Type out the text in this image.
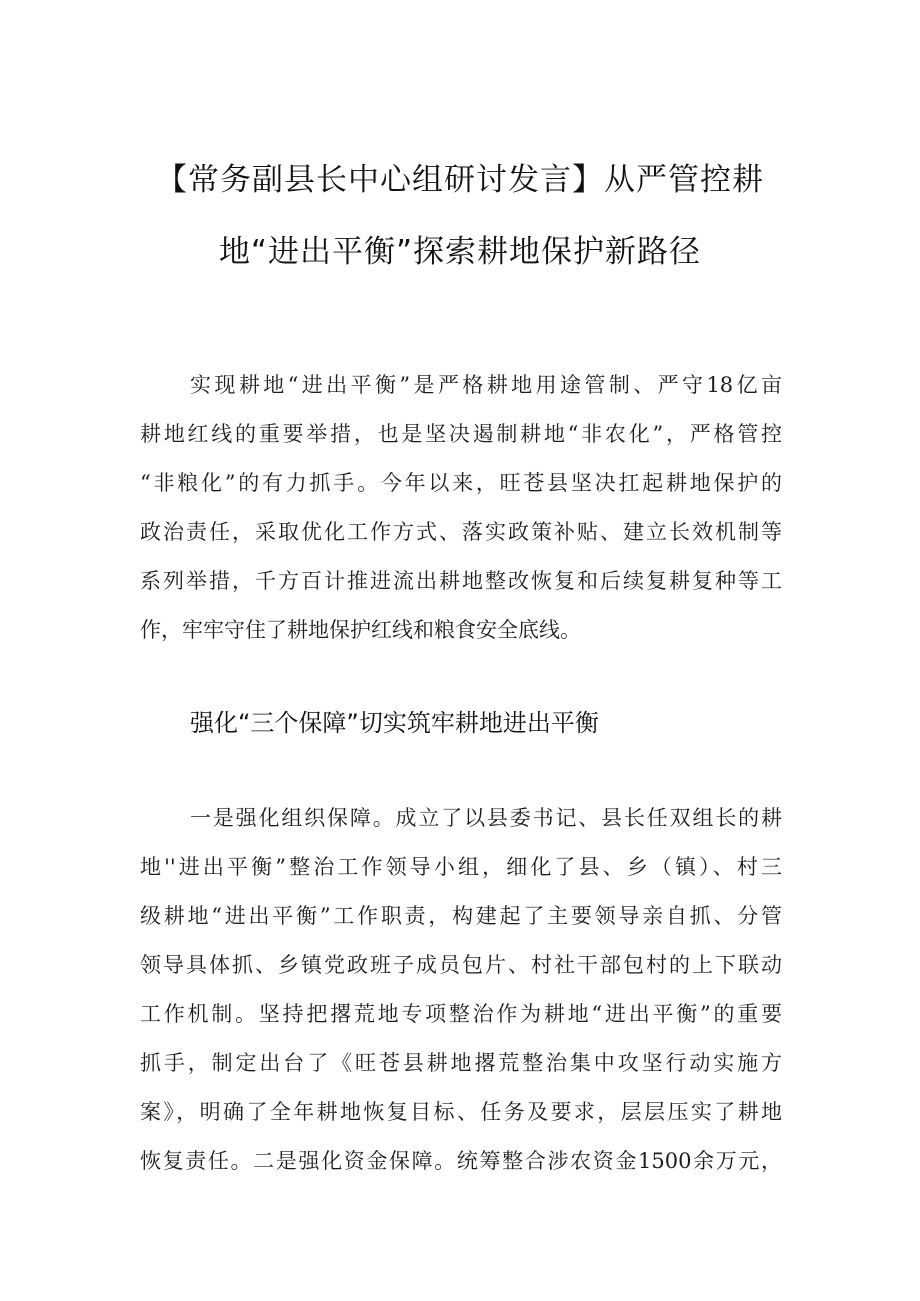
【常务副县长中心组研讨发言】从严管控耕
地“进出平衡”探索耕地保护新路径
实现耕地“进出平衡”是严格耕地用途管制、严守18亿亩
耕地红线的重要举措，也是坚决遏制耕地“非农化”，严格管控
“非粮化”的有力抓手。今年以来，旺苍县坚决扛起耕地保护的
政治责任，采取优化工作方式、落实政策补贴、建立长效机制等
系列举措，千方百计推进流出耕地整改恢复和后续复耕复种等工
作，牢牢守住了耕地保护红线和粮食安全底线。
强化“三个保障”切实筑牢耕地进出平衡
一是强化组织保障。成立了以县委书记、县长任双组长的耕
地''进出平衡”整治工作领导小组，细化了县、乡（镇）、村三
级耕地“进出平衡”工作职责，构建起了主要领导亲自抓、分管
领导具体抓、乡镇党政班子成员包片、村社干部包村的上下联动
工作机制。坚持把撂荒地专项整治作为耕地“进出平衡”的重要
抓手，制定出台了《旺苍县耕地撂荒整治集中攻坚行动实施方
案》，明确了全年耕地恢复目标、任务及要求，层层压实了耕地
恢复责任。二是强化资金保障。统筹整合涉农资金1500余万元，
